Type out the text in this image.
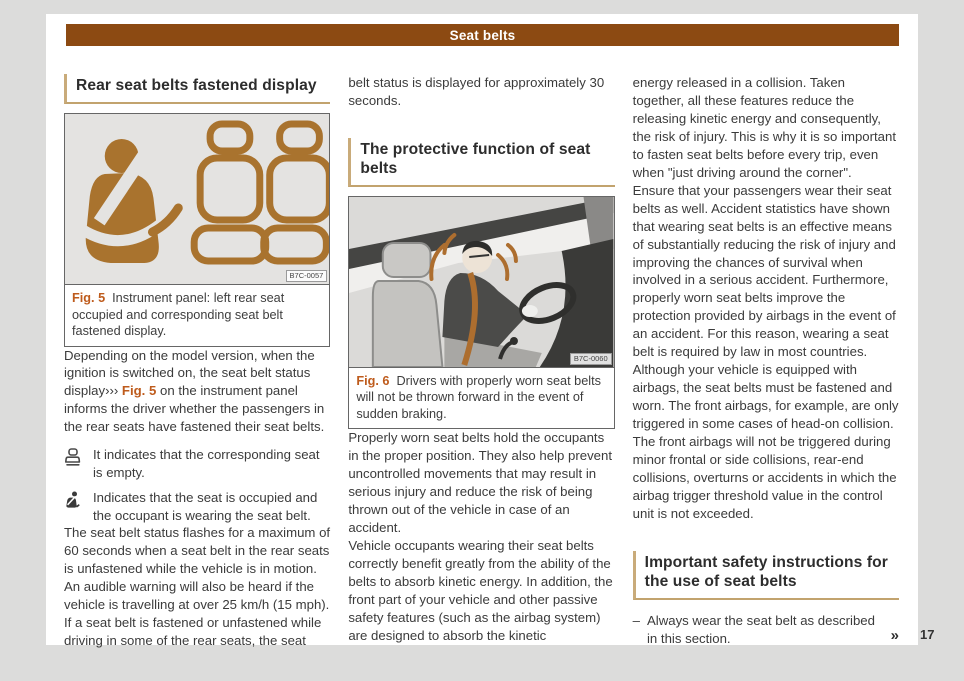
Seat belts
Rear seat belts fastened display
B7C-0057
Fig. 5 Instrument panel: left rear seat occupied and corresponding seat belt fastened display.

Depending on the model version, when the ignition is switched on, the seat belt status display››› Fig. 5 on the instrument panel informs the driver whether the passengers in the rear seats have fastened their seat belts.

It indicates that the corresponding seat is empty.
Indicates that the seat is occupied and the occupant is wearing the seat belt.

The seat belt status flashes for a maximum of 60 seconds when a seat belt in the rear seats is unfastened while the vehicle is in motion. An audible warning will also be heard if the vehicle is travelling at over 25 km/h (15 mph).

If a seat belt is fastened or unfastened while driving in some of the rear seats, the seat

belt status is displayed for approximately 30 seconds.

The protective function of seat belts
B7C-0060
Fig. 6 Drivers with properly worn seat belts will not be thrown forward in the event of sudden braking.

Properly worn seat belts hold the occupants in the proper position. They also help prevent uncontrolled movements that may result in serious injury and reduce the risk of being thrown out of the vehicle in case of an accident.

Vehicle occupants wearing their seat belts correctly benefit greatly from the ability of the belts to absorb kinetic energy. In addition, the front part of your vehicle and other passive safety features (such as the airbag system) are designed to absorb the kinetic

energy released in a collision. Taken together, all these features reduce the releasing kinetic energy and consequently, the risk of injury. This is why it is so important to fasten seat belts before every trip, even when "just driving around the corner".

Ensure that your passengers wear their seat belts as well. Accident statistics have shown that wearing seat belts is an effective means of substantially reducing the risk of injury and improving the chances of survival when involved in a serious accident. Furthermore, properly worn seat belts improve the protection provided by airbags in the event of an accident. For this reason, wearing a seat belt is required by law in most countries.

Although your vehicle is equipped with airbags, the seat belts must be fastened and worn. The front airbags, for example, are only triggered in some cases of head-on collision. The front airbags will not be triggered during minor frontal or side collisions, rear-end collisions, overturns or accidents in which the airbag trigger threshold value in the control unit is not exceeded.

Important safety instructions for the use of seat belts
– Always wear the seat belt as described in this section.	» 17
